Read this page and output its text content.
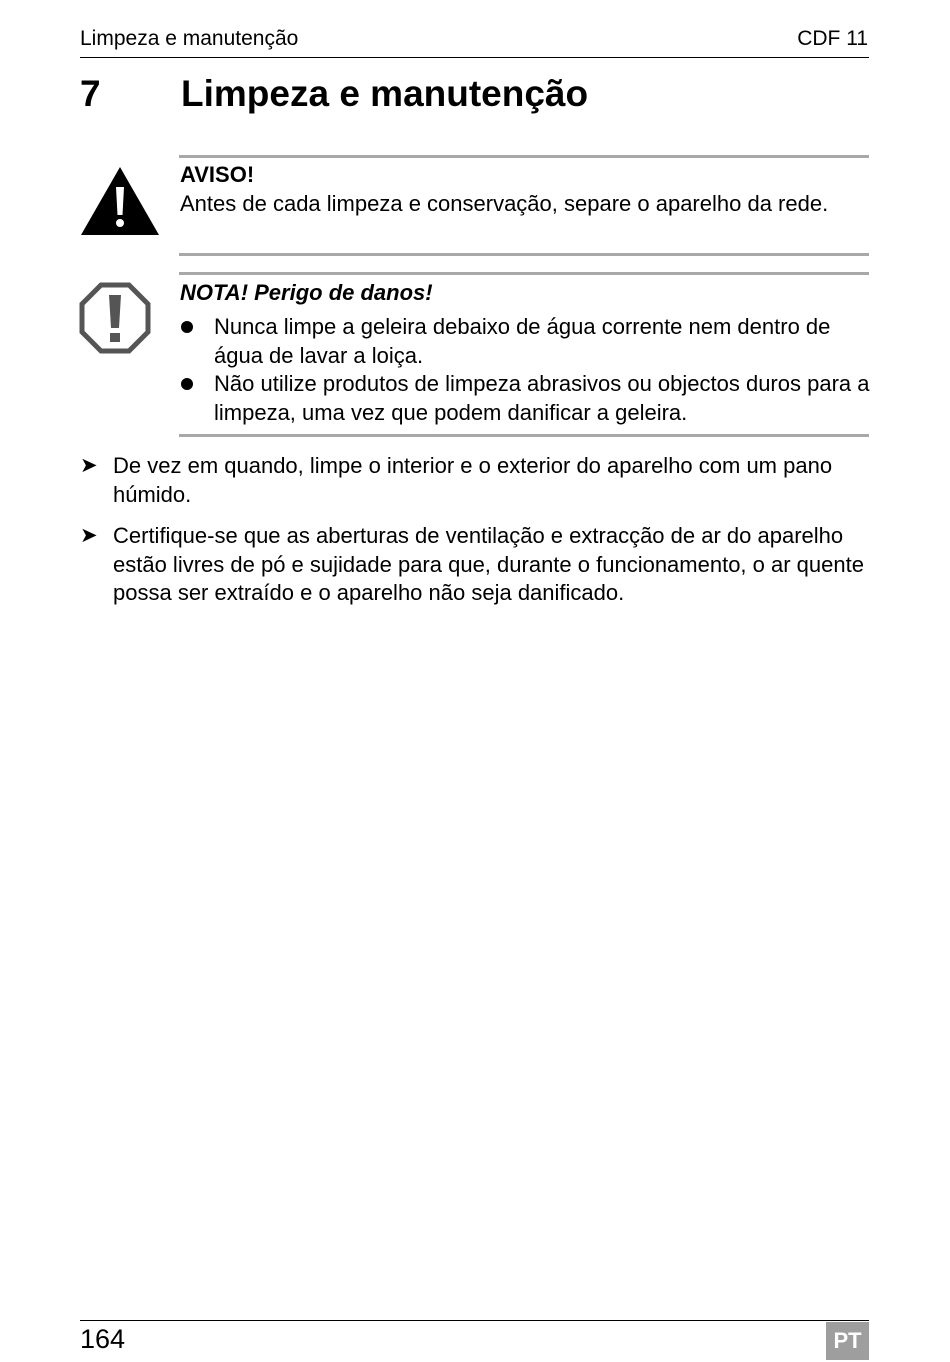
Limpeza e manutenção	CDF 11
7 Limpeza e manutenção
AVISO!
Antes de cada limpeza e conservação, separe o aparelho da rede.
NOTA! Perigo de danos!
Nunca limpe a geleira debaixo de água corrente nem dentro de água de lavar a loiça.
Não utilize produtos de limpeza abrasivos ou objectos duros para a limpeza, uma vez que podem danificar a geleira.
➤ De vez em quando, limpe o interior e o exterior do aparelho com um pano húmido.
➤ Certifique-se que as aberturas de ventilação e extracção de ar do aparelho estão livres de pó e sujidade para que, durante o funcionamento, o ar quente possa ser extraído e o aparelho não seja danificado.
164	PT
